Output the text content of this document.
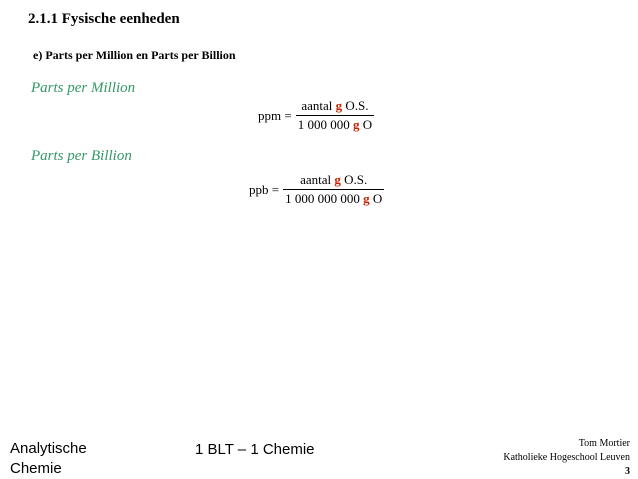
2.1.1 Fysische eenheden
e) Parts per Million en Parts per Billion
Parts per Million
ppm = $\frac{\text{aantal g O.S.}}{\text{1 000 000 g O}}$
Parts per Billion
ppb = $\frac{\text{aantal g O.S.}}{\text{1 000 000 000 g O}}$
Analytische
Chemie
1 BLT – 1 Chemie	Tom Mortier
Katholieke Hogeschool Leuven
3
